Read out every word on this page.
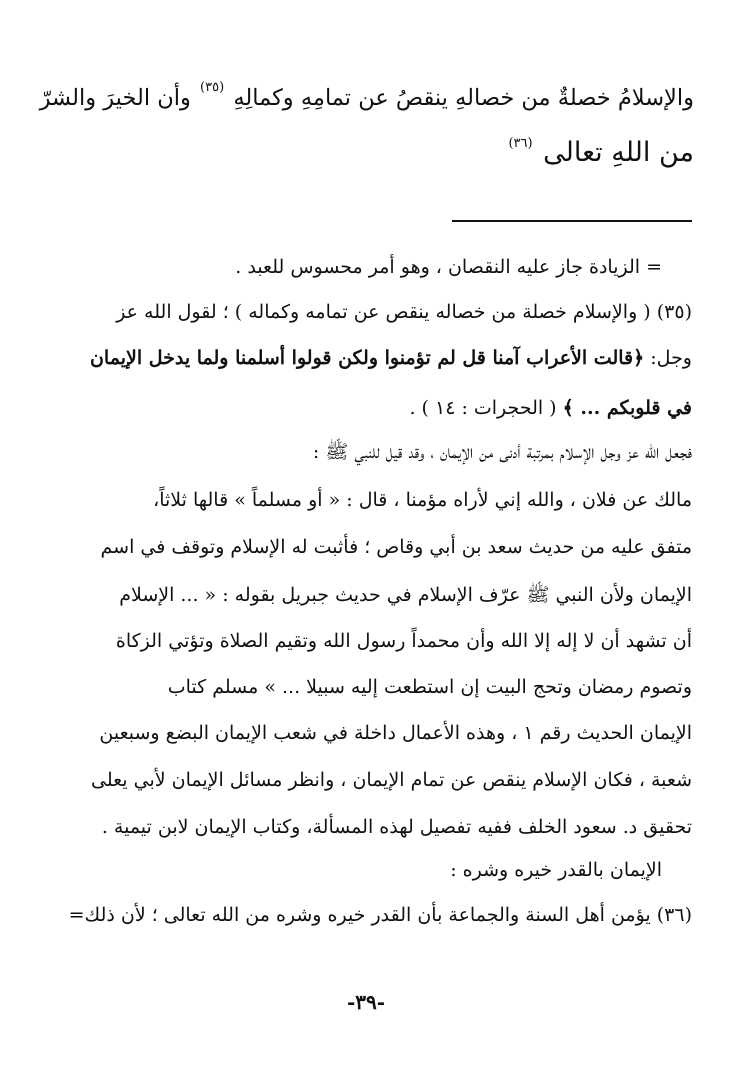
والإسلامُ خصلةٌ من خصالهِ ينقصُ عن تمامِهِ وكمالِهِ $^{(٣٥)}$ وأن الخيرَ والشرّ
من اللهِ تعالى $^{(٣٦)}$
= الزيادة جاز عليه النقصان ، وهو أمر محسوس للعبد .
(٣٥) ( والإسلام خصلة من خصاله ينقص عن تمامه وكماله ) ؛ لقول الله عز
وجل: ﴿قالت الأعراب آمنا قل لم تؤمنوا ولكن قولوا أسلمنا ولما يدخل الإيمان
في قلوبكم ... ﴾ ( الحجرات : ١٤ ) .
فجعل الله عز وجل الإسلام بمرتبة أدنى من الإيمان ، وقد قيل للنبي ﷺ :
مالك عن فلان ، والله إني لأراه مؤمنا ، قال : « أو مسلماً » قالها ثلاثاً،
متفق عليه من حديث سعد بن أبي وقاص ؛ فأثبت له الإسلام وتوقف في اسم
الإيمان ولأن النبي ﷺ عرّف الإسلام في حديث جبريل بقوله : « ... الإسلام
أن تشهد أن لا إله إلا الله وأن محمداً رسول الله وتقيم الصلاة وتؤتي الزكاة
وتصوم رمضان وتحج البيت إن استطعت إليه سبيلا ... » مسلم كتاب
الإيمان الحديث رقم ١ ، وهذه الأعمال داخلة في شعب الإيمان البضع وسبعين
شعبة ، فكان الإسلام ينقص عن تمام الإيمان ، وانظر مسائل الإيمان لأبي يعلى
تحقيق د. سعود الخلف ففيه تفصيل لهذه المسألة، وكتاب الإيمان لابن تيمية .
الإيمان بالقدر خيره وشره :
(٣٦) يؤمن أهل السنة والجماعة بأن القدر خيره وشره من الله تعالى ؛ لأن ذلك=
-٣٩-
